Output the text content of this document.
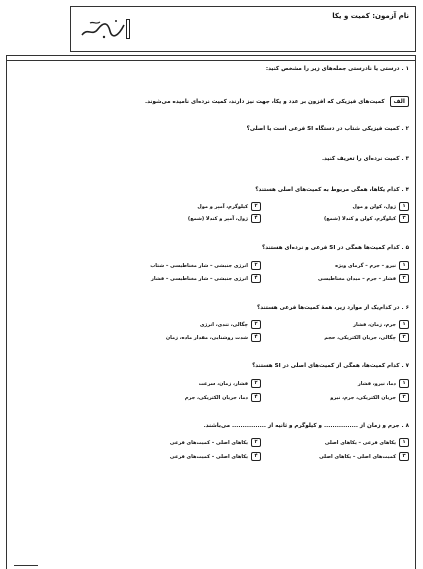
نام آزمون: کمیت و یکا
۱ . درستی یا نادرستی جمله‌های زیر را مشخص کنید:
الف کمیت‌های فیزیکی که افزون بر عدد و یکا، جهت نیز دارند، کمیت نرده‌ای نامیده می‌شوند.
۲ . کمیت فیزیکی شتاب در دستگاه SI فرعی است یا اصلی؟
۳ . کمیت نرده‌ای را تعریف کنید.
۴ . کدام یکاها، همگی مربوط به کمیت‌های اصلی هستند؟
۱ژول، کولن و مول
۲کیلوگرم، آمپر و مول
۳کیلوگرم، کولن و کندلا (شمع)
۴ژول، آمپر و کندلا (شمع)
۵ . کدام کمیت‌ها همگی در SI فرعی و نرده‌ای هستند؟
۱نیرو – جرم – گرمای ویژه
۲انرژی جنبشی – شار مغناطیسی – شتاب
۳فشار – جرم – میدان مغناطیسی
۴انرژی جنبشی – شار مغناطیسی – فشار
۶ . در کدام‌یک از موارد زیر، همهٔ کمیت‌ها فرعی هستند؟
۱جرم، زمان، فشار
۲چگالی، تندی، انرژی
۳چگالی، جریان الکتریکی، حجم
۴شدت روشنایی، مقدار ماده، زمان
۷ . کدام کمیت‌ها، همگی از کمیت‌های اصلی در SI هستند؟
۱دما، نیرو، فشار
۲فشار، زمان، سرعت
۳جریان الکتریکی، جرم، نیرو
۴دما، جریان الکتریکی، جرم
۸ . جرم و زمان از ................ و کیلوگرم و ثانیه از ................ می‌باشند.
۱یکاهای فرعی – یکاهای اصلی
۲یکاهای اصلی – کمیت‌های فرعی
۳کمیت‌های اصلی – یکاهای اصلی
۴یکاهای اصلی – کمیت‌های فرعی
